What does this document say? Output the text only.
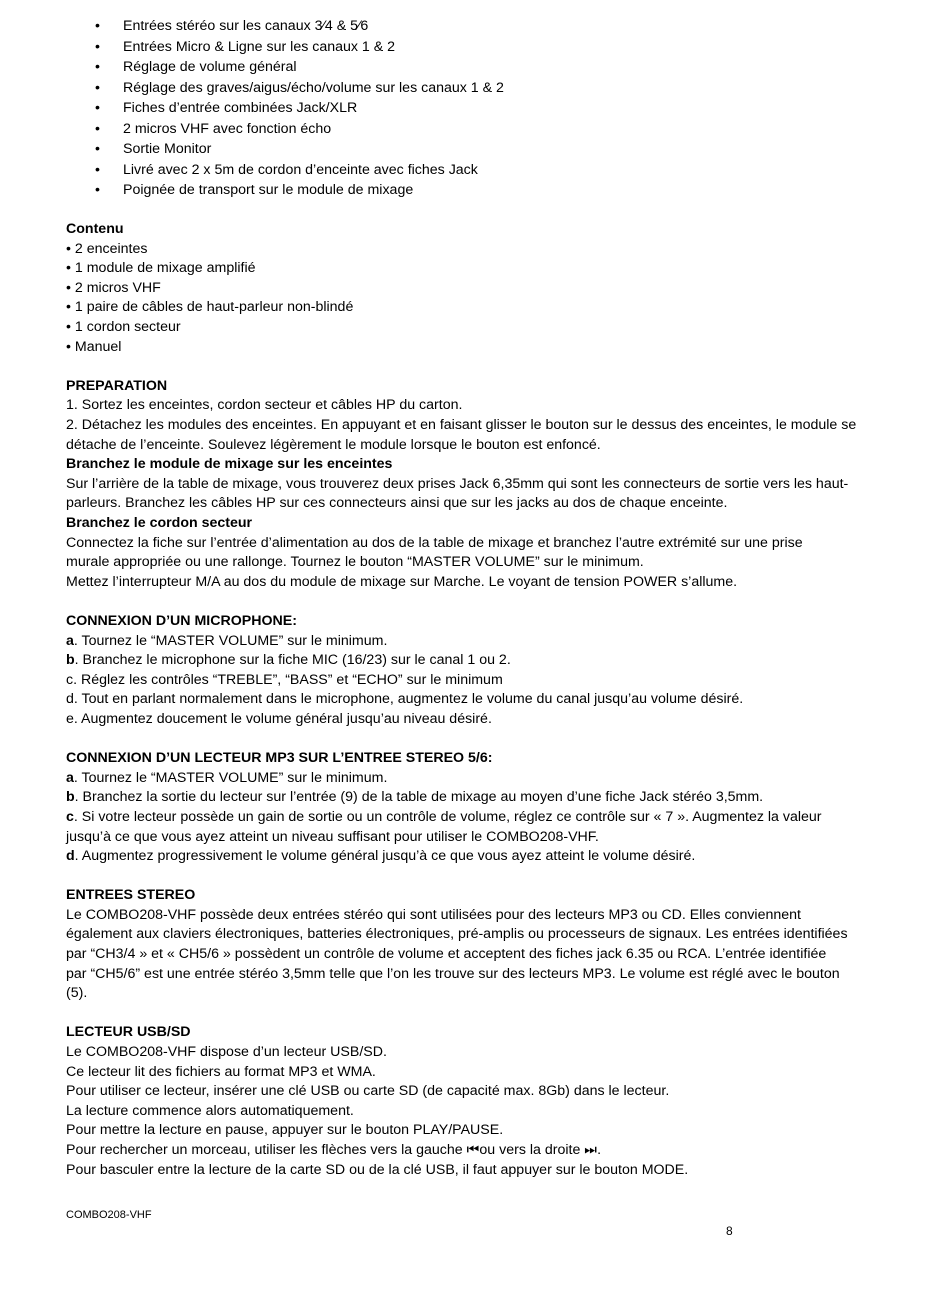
• Entrées stéréo sur les canaux 3⁄4 & 5⁄6
• Entrées Micro & Ligne sur les canaux 1 & 2
• Réglage de volume général
• Réglage des graves/aigus/écho/volume sur les canaux 1 & 2
• Fiches d’entrée combinées Jack/XLR
• 2 micros VHF avec fonction écho
• Sortie Monitor
• Livré avec 2 x 5m de cordon d’enceinte avec fiches Jack
• Poignée de transport sur le module de mixage
Contenu
• 2 enceintes
• 1 module de mixage amplifié
• 2 micros VHF
• 1 paire de câbles de haut-parleur non-blindé
• 1 cordon secteur
• Manuel
PREPARATION
1. Sortez les enceintes, cordon secteur et câbles HP du carton.
2. Détachez les modules des enceintes. En appuyant et en faisant glisser le bouton sur le dessus des enceintes, le module se
détache de l’enceinte. Soulevez légèrement le module lorsque le bouton est enfoncé.
Branchez le module de mixage sur les enceintes
Sur l’arrière de la table de mixage, vous trouverez deux prises Jack 6,35mm qui sont les connecteurs de sortie vers les haut-
parleurs. Branchez les câbles HP sur ces connecteurs ainsi que sur les jacks au dos de chaque enceinte.
Branchez le cordon secteur
Connectez la fiche sur l’entrée d’alimentation au dos de la table de mixage et branchez l’autre extrémité sur une prise
murale appropriée ou une rallonge. Tournez le bouton “MASTER VOLUME” sur le minimum.
Mettez l’interrupteur M/A au dos du module de mixage sur Marche. Le voyant de tension POWER s’allume.
CONNEXION D’UN MICROPHONE:
a. Tournez le “MASTER VOLUME” sur le minimum.
b. Branchez le microphone sur la fiche MIC (16/23) sur le canal 1 ou 2.
c. Réglez les contrôles “TREBLE”, “BASS” et “ECHO” sur le minimum
d. Tout en parlant normalement dans le microphone, augmentez le volume du canal jusqu’au volume désiré.
e. Augmentez doucement le volume général jusqu’au niveau désiré.
CONNEXION D’UN LECTEUR MP3 SUR L’ENTREE STEREO 5/6:
a. Tournez le “MASTER VOLUME” sur le minimum.
b. Branchez la sortie du lecteur sur l’entrée (9) de la table de mixage au moyen d’une fiche Jack stéréo 3,5mm.
c. Si votre lecteur possède un gain de sortie ou un contrôle de volume, réglez ce contrôle sur « 7 ». Augmentez la valeur
jusqu’à ce que vous ayez atteint un niveau suffisant pour utiliser le COMBO208-VHF.
d. Augmentez progressivement le volume général jusqu’à ce que vous ayez atteint le volume désiré.
ENTREES STEREO
Le COMBO208-VHF possède deux entrées stéréo qui sont utilisées pour des lecteurs MP3 ou CD. Elles conviennent
également aux claviers électroniques, batteries électroniques, pré-amplis ou processeurs de signaux. Les entrées identifiées
par “CH3/4 » et « CH5/6 » possèdent un contrôle de volume et acceptent des fiches jack 6.35 ou RCA. L’entrée identifiée
par “CH5/6” est une entrée stéréo 3,5mm telle que l’on les trouve sur des lecteurs MP3. Le volume est réglé avec le bouton
(5).
LECTEUR USB/SD
Le COMBO208-VHF dispose d’un lecteur USB/SD.
Ce lecteur lit des fichiers au format MP3 et WMA.
Pour utiliser ce lecteur, insérer une clé USB ou carte SD (de capacité max. 8Gb) dans le lecteur.
La lecture commence alors automatiquement.
Pour mettre la lecture en pause, appuyer sur le bouton PLAY/PAUSE.
Pour rechercher un morceau, utiliser les flèches vers la gauche ⏮ou vers la droite ⏭.
Pour basculer entre la lecture de la carte SD ou de la clé USB, il faut appuyer sur le bouton MODE.
COMBO208-VHF
8
